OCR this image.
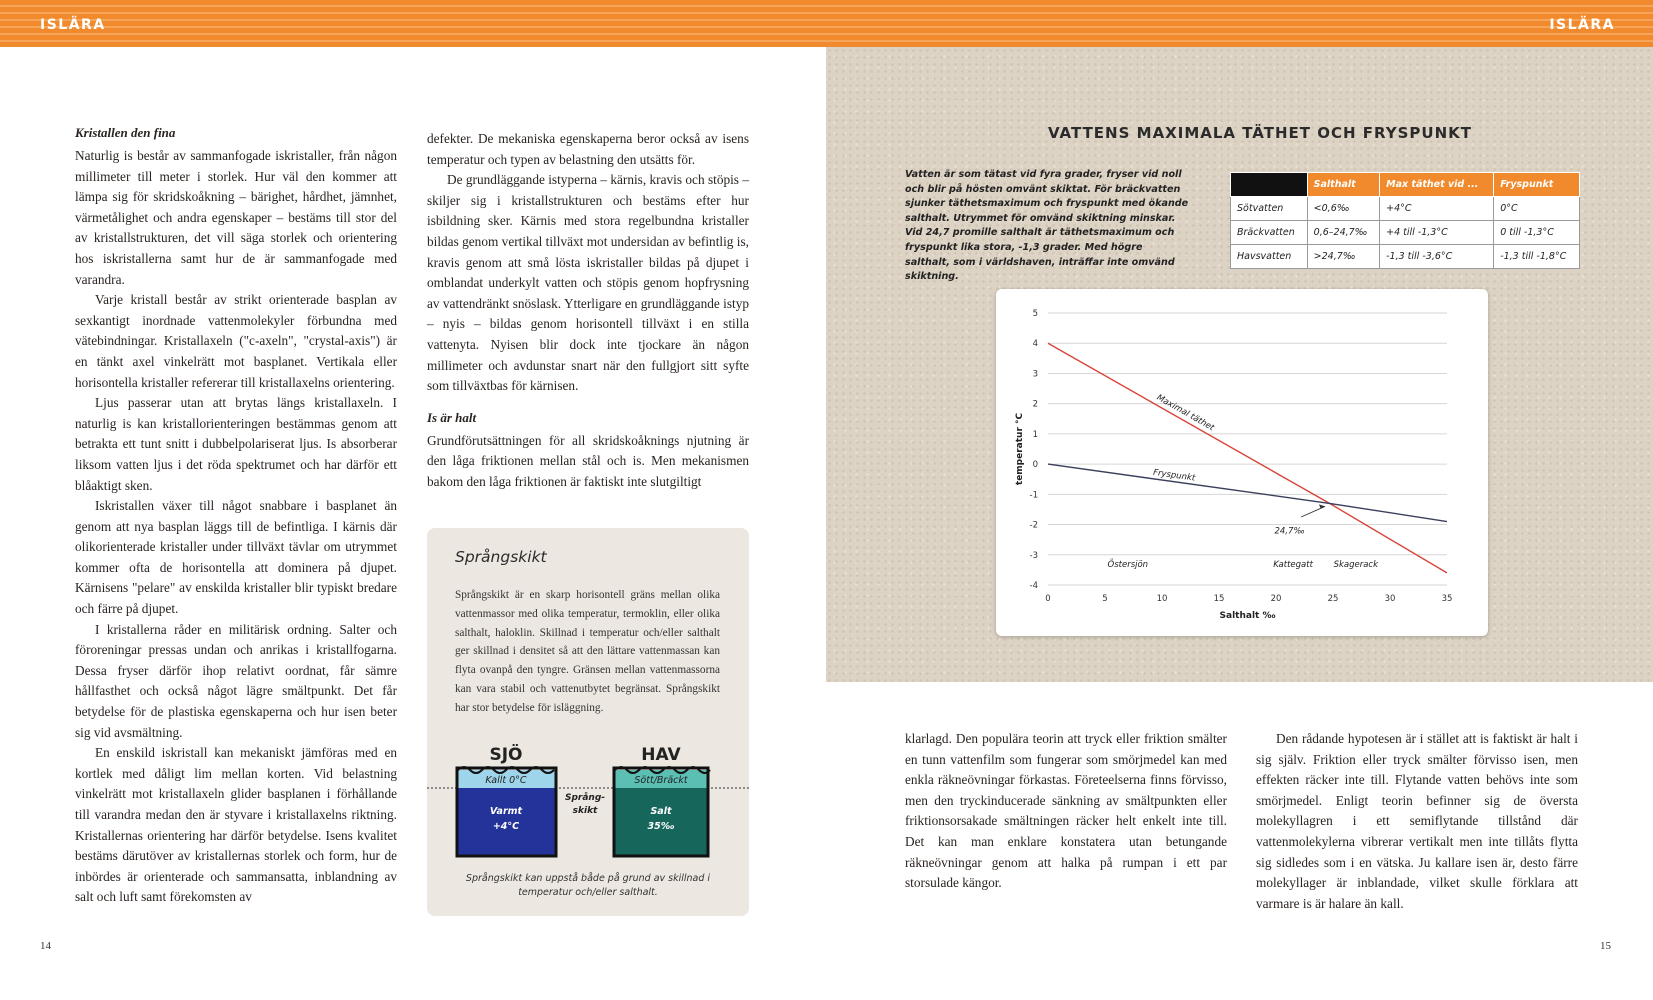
ISLÄRA	ISLÄRA
Kristallen den fina

Naturlig is består av sammanfogade iskristaller, från någon millimeter till meter i storlek. Hur väl den kommer att lämpa sig för skridskoåkning – bärighet, hårdhet, jämnhet, värmetålighet och andra egenskaper – bestäms till stor del av kristallstrukturen, det vill säga storlek och orientering hos iskristallerna samt hur de är sammanfogade med varandra.

Varje kristall består av strikt orienterade basplan av sexkantigt inordnade vattenmolekyler förbundna med vätebindningar. Kristallaxeln ("c-axeln", "crystal-axis") är en tänkt axel vinkelrätt mot basplanet. Vertikala eller horisontella kristaller refererar till kristallaxelns orientering.

Ljus passerar utan att brytas längs kristallaxeln. I naturlig is kan kristallorienteringen bestämmas genom att betrakta ett tunt snitt i dubbelpolariserat ljus. Is absorberar liksom vatten ljus i det röda spektrumet och har därför ett blåaktigt sken.

Iskristallen växer till något snabbare i basplanet än genom att nya basplan läggs till de befintliga. I kärnis där olikorienterade kristaller under tillväxt tävlar om utrymmet kommer ofta de horisontella att dominera på djupet. Kärnisens "pelare" av enskilda kristaller blir typiskt bredare och färre på djupet.

I kristallerna råder en militärisk ordning. Salter och föroreningar pressas undan och anrikas i kristallfogarna. Dessa fryser därför ihop relativt oordnat, får sämre hållfasthet och också något lägre smältpunkt. Det får betydelse för de plastiska egenskaperna och hur isen beter sig vid avsmältning.

En enskild iskristall kan mekaniskt jämföras med en kortlek med dåligt lim mellan korten. Vid belastning vinkelrätt mot kristallaxeln glider basplanen i förhållande till varandra medan den är styvare i kristallaxelns riktning. Kristallernas orientering har därför betydelse. Isens kvalitet bestäms därutöver av kristallernas storlek och form, hur de inbördes är orienterade och sammansatta, inblandning av salt och luft samt förekomsten av

defekter. De mekaniska egenskaperna beror också av isens temperatur och typen av belastning den utsätts för.

De grundläggande istyperna – kärnis, kravis och stöpis – skiljer sig i kristallstrukturen och bestäms efter hur isbildning sker. Kärnis med stora regelbundna kristaller bildas genom vertikal tillväxt mot undersidan av befintlig is, kravis genom att små lösta iskristaller bildas på djupet i omblandat underkylt vatten och stöpis genom hopfrysning av vattendränkt snöslask. Ytterligare en grundläggande istyp – nyis – bildas genom horisontell tillväxt i en stilla vattenyta. Nyisen blir dock inte tjockare än någon millimeter och avdunstar snart när den fullgjort sitt syfte som tillväxtbas för kärnisen.

Is är halt

Grundförutsättningen för all skridskoåknings njutning är den låga friktionen mellan stål och is. Men mekanismen bakom den låga friktionen är faktiskt inte slutgiltigt

Språngskikt
Språngskikt är en skarp horisontell gräns mellan olika vattenmassor med olika temperatur, termoklin, eller olika salthalt, haloklin. Skillnad i temperatur och/eller salthalt ger skillnad i densitet så att den lättare vattenmassan kan flyta ovanpå den tyngre. Gränsen mellan vattenmassorna kan vara stabil och vattenutbytet begränsat. Språngskikt har stor betydelse för isläggning.
SJÖ	HAV
Kallt 0°C
Varmt
+4°C
Språng-
skikt
Sött/Bräckt
Salt
35‰
Språngskikt kan uppstå både på grund av skillnad i temperatur och/eller salthalt.
VATTENS MAXIMALA TÄTHET OCH FRYSPUNKT
Vatten är som tätast vid fyra grader, fryser vid noll och blir på hösten omvänt skiktat. För bräckvatten sjunker täthetsmaximum och fryspunkt med ökande salthalt. Utrymmet för omvänd skiktning minskar. Vid 24,7 promille salthalt är täthetsmaximum och fryspunkt lika stora, -1,3 grader. Med högre salthalt, som i världshaven, inträffar inte omvänd skiktning.
	Salthalt	Max täthet vid ...	Fryspunkt
Sötvatten	<0,6‰	+4°C	0°C
Bräckvatten	0,6–24,7‰	+4 till -1,3°C	0 till -1,3°C
Havsvatten	>24,7‰	-1,3 till -3,6°C	-1,3 till -1,8°C
-4
-3
-2
-1
0
1
2
3
4
5
0	5	10	15	20	25	30	35
Maximal täthet
Fryspunkt
24,7‰
Östersjön	Kattegatt Skagerack
Salthalt ‰
temperatur °C

klarlagd. Den populära teorin att tryck eller friktion smälter en tunn vattenfilm som fungerar som smörjmedel kan med enkla räkneövningar förkastas. Företeelserna finns förvisso, men den tryckinducerade sänkning av smältpunkten eller friktionsorsakade smältningen räcker helt enkelt inte till. Det kan man enklare konstatera utan betungande räkneövningar genom att halka på rumpan i ett par storsulade kängor.

Den rådande hypotesen är i stället att is faktiskt är halt i sig själv. Friktion eller tryck smälter förvisso isen, men effekten räcker inte till. Flytande vatten behövs inte som smörjmedel. Enligt teorin befinner sig de översta molekyllagren i ett semiflytande tillstånd där vattenmolekylerna vibrerar vertikalt men inte tillåts flytta sig sidledes som i en vätska. Ju kallare isen är, desto färre molekyllager är inblandade, vilket skulle förklara att varmare is är halare än kall.

14	15
